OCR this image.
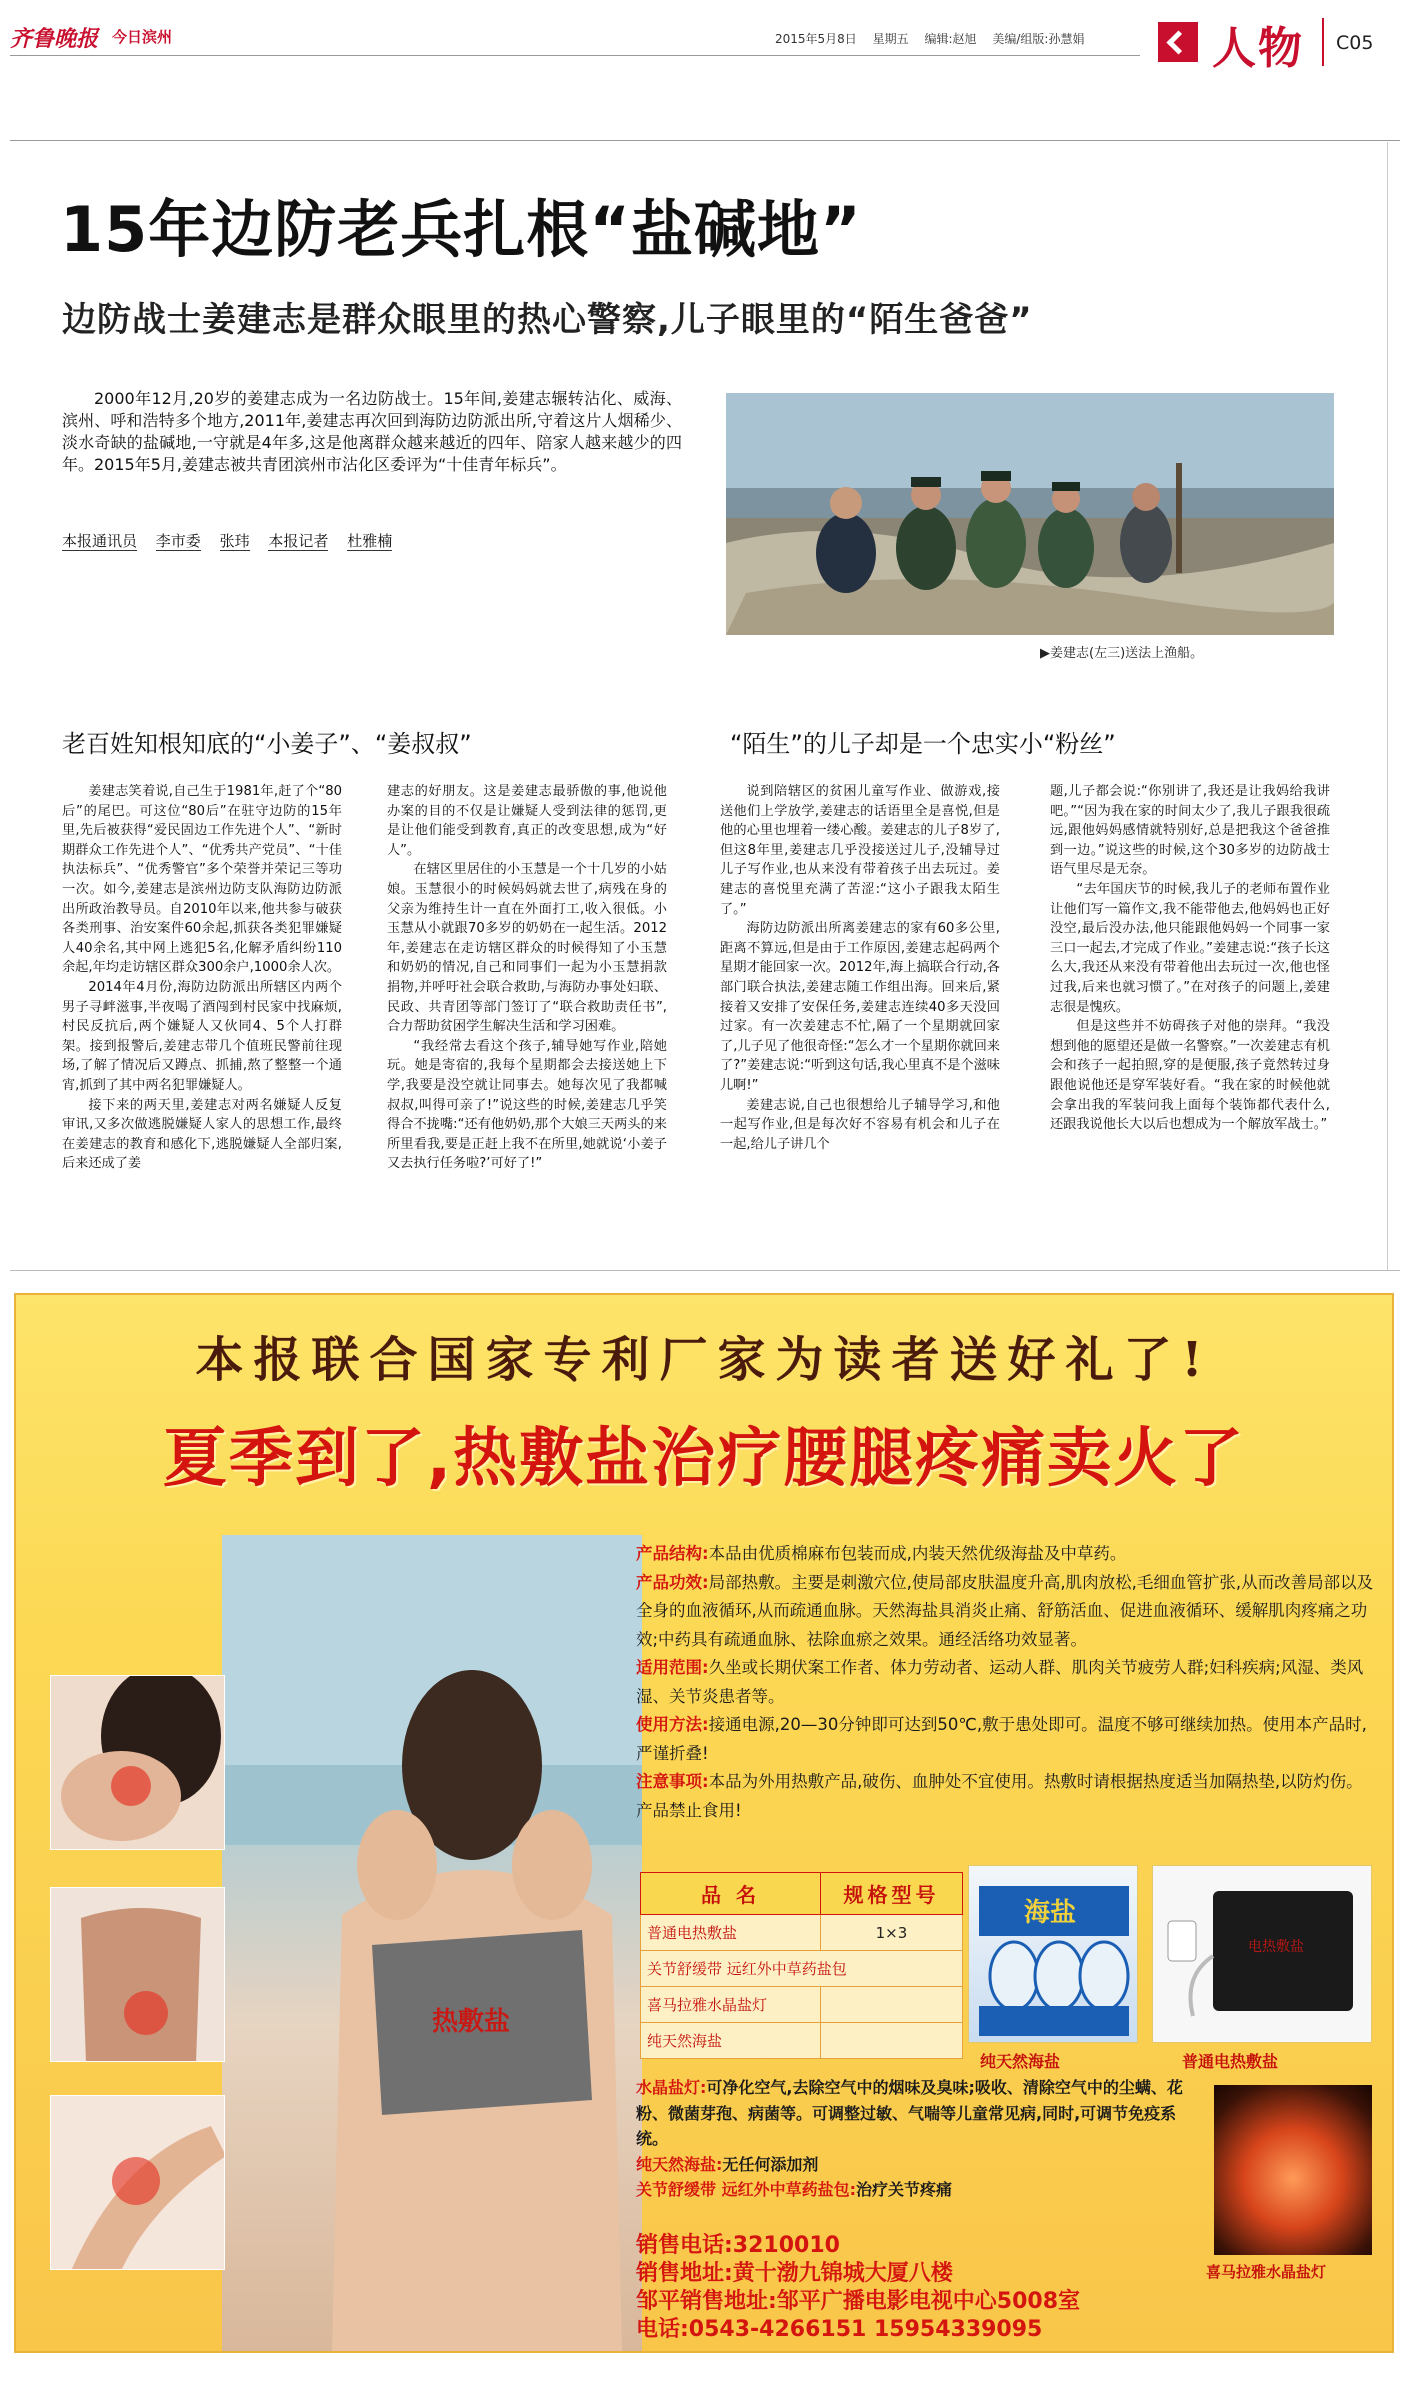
齐鲁晚报 今日滨州	2015年5月8日 星期五 编辑:赵旭 美编/组版:孙慧娟	人物 C05
15年边防老兵扎根“盐碱地”
边防战士姜建志是群众眼里的热心警察,儿子眼里的“陌生爸爸”

2000年12月,20岁的姜建志成为一名边防战士。15年间,姜建志辗转沾化、威海、滨州、呼和浩特多个地方,2011年,姜建志再次回到海防边防派出所,守着这片人烟稀少、淡水奇缺的盐碱地,一守就是4年多,这是他离群众越来越近的四年、陪家人越来越少的四年。2015年5月,姜建志被共青团滨州市沾化区委评为“十佳青年标兵”。

本报通讯员 李市委 张玮 本报记者 杜雅楠
▶姜建志(左三)送法上渔船。
老百姓知根知底的“小姜子”、“姜叔叔”	“陌生”的儿子却是一个忠实小“粉丝”

姜建志笑着说,自己生于1981年,赶了个“80后”的尾巴。可这位“80后”在驻守边防的15年里,先后被获得“爱民固边工作先进个人”、“新时期群众工作先进个人”、“优秀共产党员”、“十佳执法标兵”、“优秀警官”多个荣誉并荣记三等功一次。如今,姜建志是滨州边防支队海防边防派出所政治教导员。自2010年以来,他共参与破获各类刑事、治安案件60余起,抓获各类犯罪嫌疑人40余名,其中网上逃犯5名,化解矛盾纠纷110余起,年均走访辖区群众300余户,1000余人次。

2014年4月份,海防边防派出所辖区内两个男子寻衅滋事,半夜喝了酒闯到村民家中找麻烦,村民反抗后,两个嫌疑人又伙同4、5个人打群架。接到报警后,姜建志带几个值班民警前往现场,了解了情况后又蹲点、抓捕,熬了整整一个通宵,抓到了其中两名犯罪嫌疑人。

接下来的两天里,姜建志对两名嫌疑人反复审讯,又多次做逃脱嫌疑人家人的思想工作,最终在姜建志的教育和感化下,逃脱嫌疑人全部归案,后来还成了姜

建志的好朋友。这是姜建志最骄傲的事,他说他办案的目的不仅是让嫌疑人受到法律的惩罚,更是让他们能受到教育,真正的改变思想,成为“好人”。

在辖区里居住的小玉慧是一个十几岁的小姑娘。玉慧很小的时候妈妈就去世了,病残在身的父亲为维持生计一直在外面打工,收入很低。小玉慧从小就跟70多岁的奶奶在一起生活。2012年,姜建志在走访辖区群众的时候得知了小玉慧和奶奶的情况,自己和同事们一起为小玉慧捐款捐物,并呼吁社会联合救助,与海防办事处妇联、民政、共青团等部门签订了“联合救助责任书”,合力帮助贫困学生解决生活和学习困难。

“我经常去看这个孩子,辅导她写作业,陪她玩。她是寄宿的,我每个星期都会去接送她上下学,我要是没空就让同事去。她每次见了我都喊叔叔,叫得可亲了!”说这些的时候,姜建志几乎笑得合不拢嘴:“还有他奶奶,那个大娘三天两头的来所里看我,要是正赶上我不在所里,她就说‘小姜子又去执行任务啦?’可好了!”

说到陪辖区的贫困儿童写作业、做游戏,接送他们上学放学,姜建志的话语里全是喜悦,但是他的心里也埋着一缕心酸。姜建志的儿子8岁了,但这8年里,姜建志几乎没接送过儿子,没辅导过儿子写作业,也从来没有带着孩子出去玩过。姜建志的喜悦里充满了苦涩:“这小子跟我太陌生了。”

海防边防派出所离姜建志的家有60多公里,距离不算远,但是由于工作原因,姜建志起码两个星期才能回家一次。2012年,海上搞联合行动,各部门联合执法,姜建志随工作组出海。回来后,紧接着又安排了安保任务,姜建志连续40多天没回过家。有一次姜建志不忙,隔了一个星期就回家了,儿子见了他很奇怪:“怎么才一个星期你就回来了?”姜建志说:“听到这句话,我心里真不是个滋味儿啊!”

姜建志说,自己也很想给儿子辅导学习,和他一起写作业,但是每次好不容易有机会和儿子在一起,给儿子讲几个

题,儿子都会说:“你别讲了,我还是让我妈给我讲吧。”“因为我在家的时间太少了,我儿子跟我很疏远,跟他妈妈感情就特别好,总是把我这个爸爸推到一边。”说这些的时候,这个30多岁的边防战士语气里尽是无奈。

“去年国庆节的时候,我儿子的老师布置作业让他们写一篇作文,我不能带他去,他妈妈也正好没空,最后没办法,他只能跟他妈妈一个同事一家三口一起去,才完成了作业。”姜建志说:“孩子长这么大,我还从来没有带着他出去玩过一次,他也怪过我,后来也就习惯了。”在对孩子的问题上,姜建志很是愧疚。

但是这些并不妨碍孩子对他的崇拜。“我没想到他的愿望还是做一名警察。”一次姜建志有机会和孩子一起拍照,穿的是便服,孩子竟然转过身跟他说他还是穿军装好看。“我在家的时候他就会拿出我的军装问我上面每个装饰都代表什么,还跟我说他长大以后也想成为一个解放军战士。”

本报联合国家专利厂家为读者送好礼了!
夏季到了,热敷盐治疗腰腿疼痛卖火了
热敷盐

产品结构:本品由优质棉麻布包装而成,内装天然优级海盐及中草药。

产品功效:局部热敷。主要是刺激穴位,使局部皮肤温度升高,肌肉放松,毛细血管扩张,从而改善局部以及全身的血液循环,从而疏通血脉。天然海盐具消炎止痛、舒筋活血、促进血液循环、缓解肌肉疼痛之功效;中药具有疏通血脉、祛除血瘀之效果。通经活络功效显著。

适用范围:久坐或长期伏案工作者、体力劳动者、运动人群、肌肉关节疲劳人群;妇科疾病;风湿、类风湿、关节炎患者等。

使用方法:接通电源,20—30分钟即可达到50℃,敷于患处即可。温度不够可继续加热。使用本产品时,严谨折叠!

注意事项:本品为外用热敷产品,破伤、血肿处不宜使用。热敷时请根据热度适当加隔热垫,以防灼伤。产品禁止食用!

品 名	规格型号
普通电热敷盐	1×3
关节舒缓带 远红外中草药盐包	
喜马拉雅水晶盐灯	
纯天然海盐	
海盐
电热敷盐
纯天然海盐	普通电热敷盐

水晶盐灯:可净化空气,去除空气中的烟味及臭味;吸收、清除空气中的尘螨、花粉、微菌芽孢、病菌等。可调整过敏、气喘等儿童常见病,同时,可调节免疫系统。

纯天然海盐:无任何添加剂

关节舒缓带 远红外中草药盐包:治疗关节疼痛

喜马拉雅水晶盐灯
销售电话:3210010
销售地址:黄十渤九锦城大厦八楼
邹平销售地址:邹平广播电影电视中心5008室
电话:0543-4266151 15954339095
